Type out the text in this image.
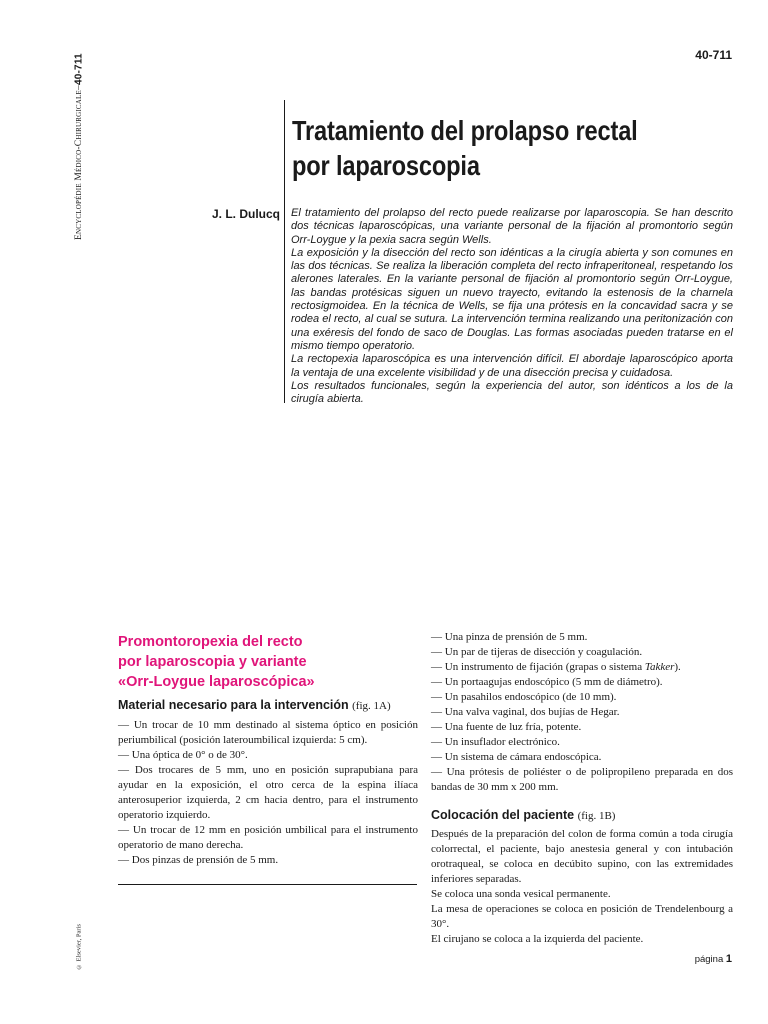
Encyclopédie Médico-Chirurgicale
–
40-711
© Elsevier, Paris
40-711
Tratamiento del prolapso rectal
por laparoscopia
J. L. Dulucq El tratamiento del prolapso del recto puede realizarse por laparoscopia. Se han descrito dos técnicas laparoscópicas, una variante personal de la fijación al promontorio según Orr-Loygue y la pexia sacra según Wells.

La exposición y la disección del recto son idénticas a la cirugía abierta y son comunes en las dos técnicas. Se realiza la liberación completa del recto infraperitoneal, respetando los alerones laterales. En la variante personal de fijación al promontorio según Orr-Loygue, las bandas protésicas siguen un nuevo trayecto, evitando la estenosis de la charnela rectosigmoidea. En la técnica de Wells, se fija una prótesis en la concavidad sacra y se rodea el recto, al cual se sutura. La intervención termina realizando una peritonización con una exéresis del fondo de saco de Douglas. Las formas asociadas pueden tratarse en el mismo tiempo operatorio.

La rectopexia laparoscópica es una intervención difícil. El abordaje laparoscópico aporta la ventaja de una excelente visibilidad y de una disección precisa y cuidadosa.

Los resultados funcionales, según la experiencia del autor, son idénticos a los de la cirugía abierta.

Promontoropexia del recto
por laparoscopia y variante
«Orr-Loygue laparoscópica»
Material necesario para la intervención (fig. 1A)

— Un trocar de 10 mm destinado al sistema óptico en posición periumbilical (posición lateroumbilical izquierda: 5 cm).

— Una óptica de 0° o de 30°.

— Dos trocares de 5 mm, uno en posición suprapubiana para ayudar en la exposición, el otro cerca de la espina ilíaca anterosuperior izquierda, 2 cm hacia dentro, para el instrumento operatorio izquierdo.

— Un trocar de 12 mm en posición umbilical para el instrumento operatorio de mano derecha.

— Dos pinzas de prensión de 5 mm.

— Una pinza de prensión de 5 mm.

— Un par de tijeras de disección y coagulación.

— Un instrumento de fijación (grapas o sistema Takker).

— Un portaagujas endoscópico (5 mm de diámetro).

— Un pasahilos endoscópico (de 10 mm).

— Una valva vaginal, dos bujías de Hegar.

— Una fuente de luz fría, potente.

— Un insuflador electrónico.

— Un sistema de cámara endoscópica.

— Una prótesis de poliéster o de polipropileno preparada en dos bandas de 30 mm x 200 mm.

Colocación del paciente (fig. 1B)

Después de la preparación del colon de forma común a toda cirugía colorrectal, el paciente, bajo anestesia general y con intubación orotraqueal, se coloca en decúbito supino, con las extremidades inferiores separadas.

Se coloca una sonda vesical permanente.

La mesa de operaciones se coloca en posición de Trendelenbourg a 30°.

El cirujano se coloca a la izquierda del paciente.

página 1
